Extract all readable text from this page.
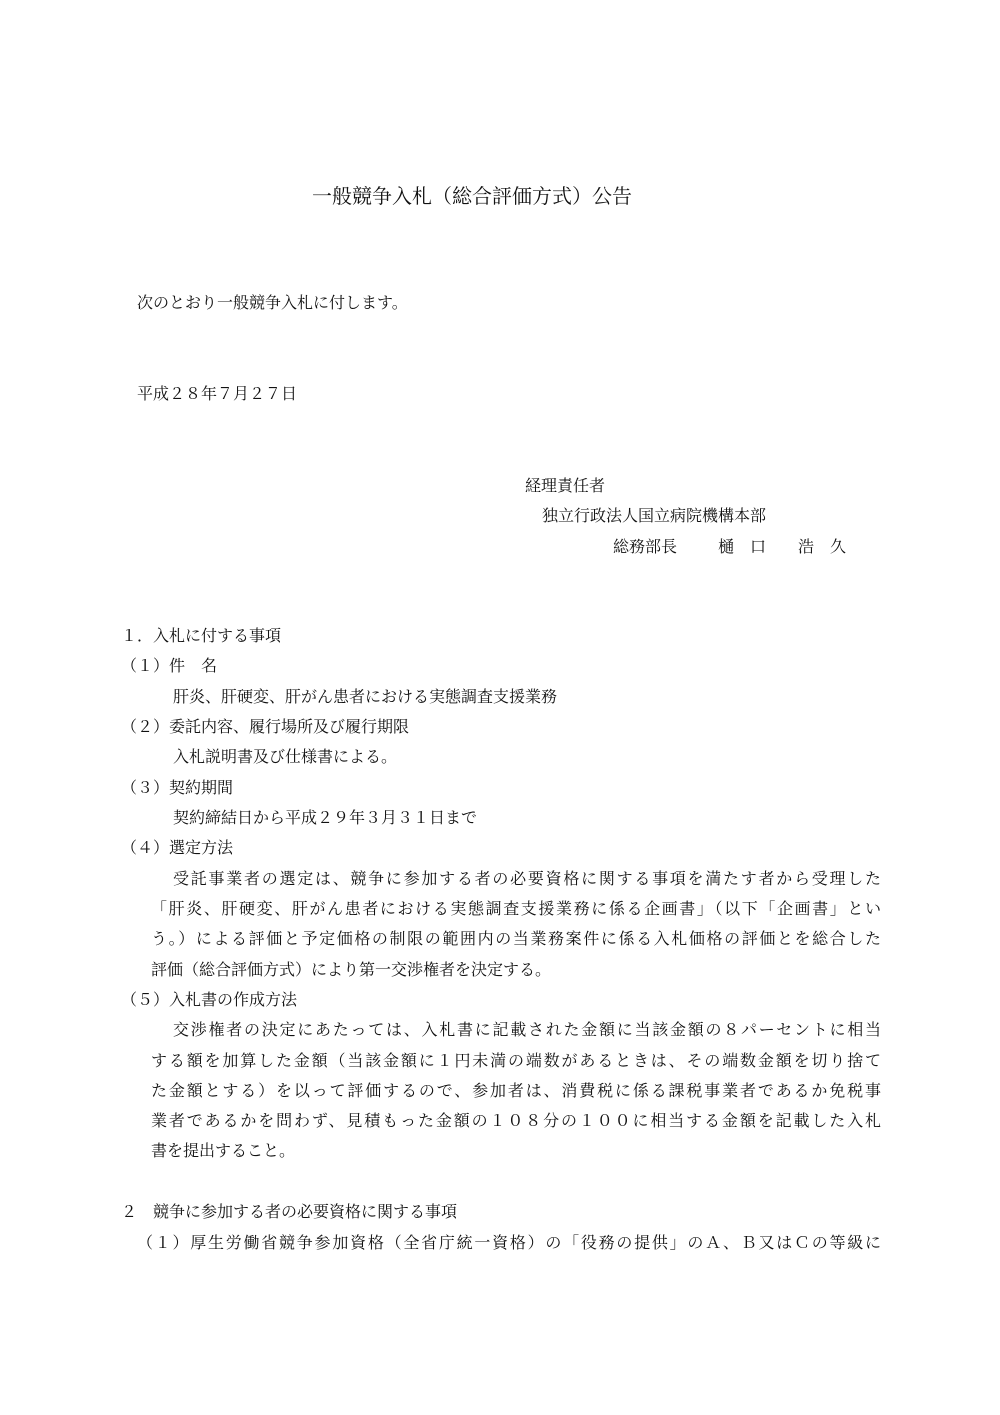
一般競争入札（総合評価方式）公告
次のとおり一般競争入札に付します。
平成２８年７月２７日
経理責任者
独立行政法人国立病院機構本部
総務部長	樋　口　　浩　久
１．入札に付する事項
（１）件　名
肝炎、肝硬変、肝がん患者における実態調査支援業務
（２）委託内容、履行場所及び履行期限
入札説明書及び仕様書による。
（３）契約期間
契約締結日から平成２９年３月３１日まで
（４）選定方法
受託事業者の選定は、競争に参加する者の必要資格に関する事項を満たす者から受理した
「肝炎、肝硬変、肝がん患者における実態調査支援業務に係る企画書」（以下「企画書」とい
う。）による評価と予定価格の制限の範囲内の当業務案件に係る入札価格の評価とを総合した
評価（総合評価方式）により第一交渉権者を決定する。
（５）入札書の作成方法
交渉権者の決定にあたっては、入札書に記載された金額に当該金額の８パーセントに相当
する額を加算した金額（当該金額に１円未満の端数があるときは、その端数金額を切り捨て
た金額とする）を以って評価するので、参加者は、消費税に係る課税事業者であるか免税事
業者であるかを問わず、見積もった金額の１０８分の１００に相当する金額を記載した入札
書を提出すること。
２　競争に参加する者の必要資格に関する事項
（１）厚生労働省競争参加資格（全省庁統一資格）の「役務の提供」のＡ、Ｂ又はＣの等級に
